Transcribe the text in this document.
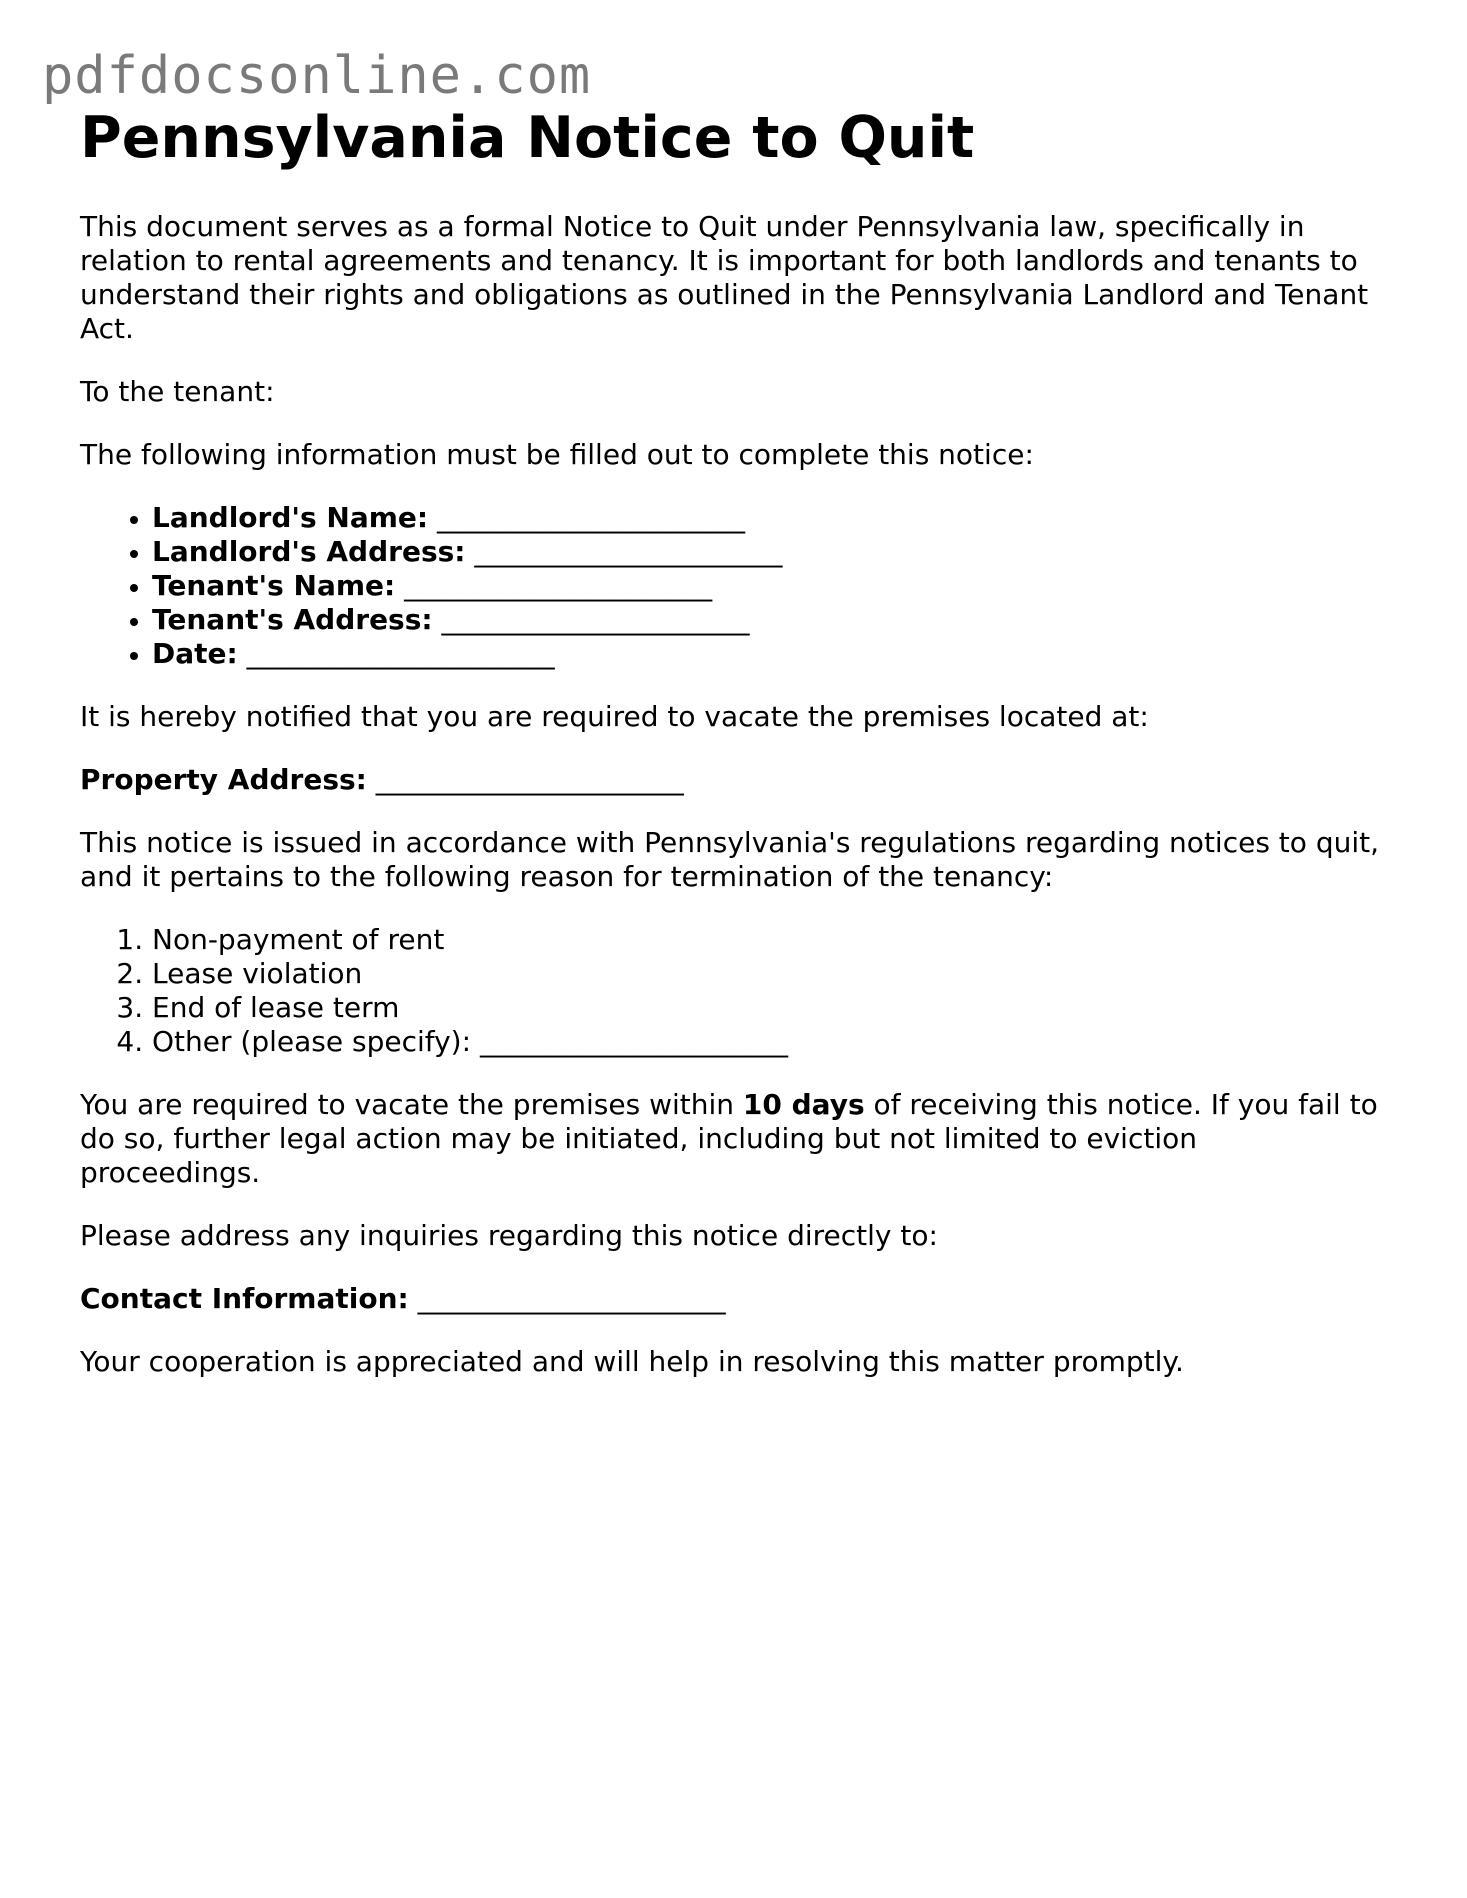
pdfdocsonline.com
Pennsylvania Notice to Quit

This document serves as a formal Notice to Quit under Pennsylvania law, specifically in relation to rental agreements and tenancy. It is important for both landlords and tenants to understand their rights and obligations as outlined in the Pennsylvania Landlord and Tenant Act.

To the tenant:

The following information must be filled out to complete this notice:

• Landlord's Name: ______________________
• Landlord's Address: ______________________
• Tenant's Name: ______________________
• Tenant's Address: ______________________
• Date: ______________________

It is hereby notified that you are required to vacate the premises located at:

Property Address: ______________________

This notice is issued in accordance with Pennsylvania's regulations regarding notices to quit, and it pertains to the following reason for termination of the tenancy:

1. Non-payment of rent
2. Lease violation
3. End of lease term
4. Other (please specify): ______________________

You are required to vacate the premises within 10 days of receiving this notice. If you fail to do so, further legal action may be initiated, including but not limited to eviction proceedings.

Please address any inquiries regarding this notice directly to:

Contact Information: ______________________

Your cooperation is appreciated and will help in resolving this matter promptly.
